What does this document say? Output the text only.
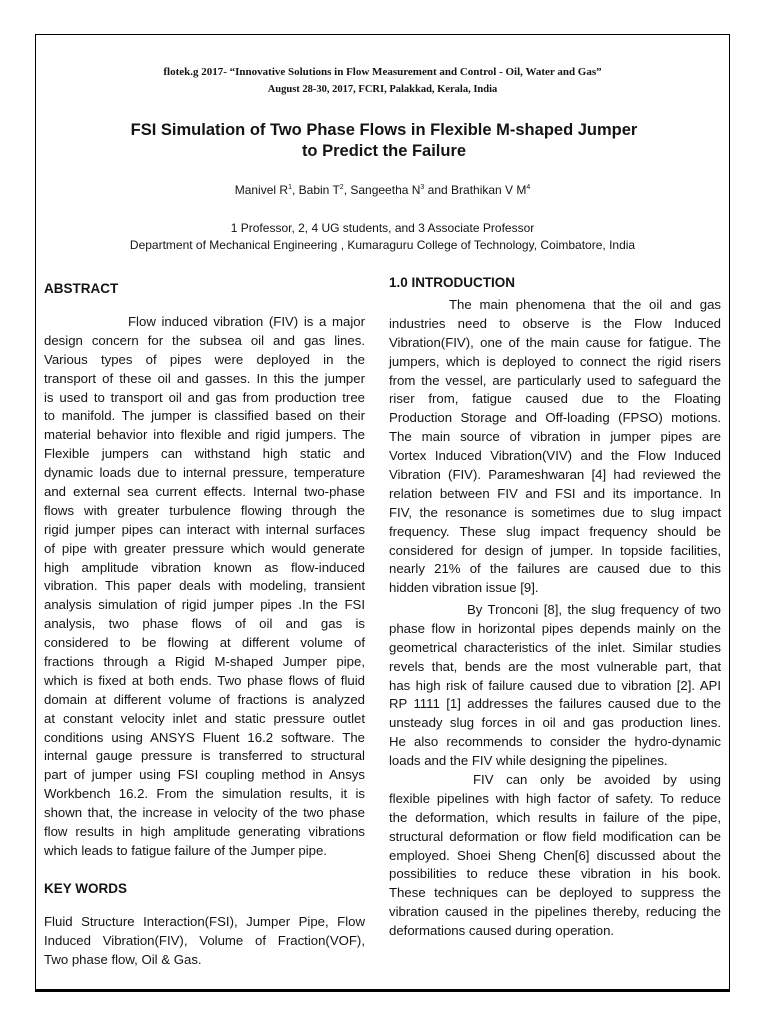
flotek.g 2017- “Innovative Solutions in Flow Measurement and Control - Oil, Water and Gas”
August 28-30, 2017, FCRI, Palakkad, Kerala, India
FSI Simulation of Two Phase Flows in Flexible M-shaped Jumper
to Predict the Failure
Manivel $R^1$, Babin $T^2$, Sangeetha $N^3$ and Brathikan V $M^4$
1 Professor, 2, 4 UG students, and 3 Associate Professor
Department of Mechanical Engineering , Kumaraguru College of Technology, Coimbatore, India
ABSTRACT
Flow induced vibration (FIV) is a major
design concern for the subsea oil and gas lines.
Various types of pipes were deployed in the
transport of these oil and gasses. In this the jumper
is used to transport oil and gas from production tree
to manifold. The jumper is classified based on their
material behavior into flexible and rigid jumpers. The
Flexible jumpers can withstand high static and
dynamic loads due to internal pressure, temperature
and external sea current effects. Internal two-phase
flows with greater turbulence flowing through the
rigid jumper pipes can interact with internal surfaces
of pipe with greater pressure which would generate
high amplitude vibration known as flow-induced
vibration. This paper deals with modeling, transient
analysis simulation of rigid jumper pipes .In the FSI
analysis, two phase flows of oil and gas is
considered to be flowing at different volume of
fractions through a Rigid M-shaped Jumper pipe,
which is fixed at both ends. Two phase flows of fluid
domain at different volume of fractions is analyzed
at constant velocity inlet and static pressure outlet
conditions using ANSYS Fluent 16.2 software. The
internal gauge pressure is transferred to structural
part of jumper using FSI coupling method in Ansys
Workbench 16.2. From the simulation results, it is
shown that, the increase in velocity of the two phase
flow results in high amplitude generating vibrations
which leads to fatigue failure of the Jumper pipe.
KEY WORDS
Fluid Structure Interaction(FSI), Jumper Pipe, Flow
Induced Vibration(FIV), Volume of Fraction(VOF),
Two phase flow, Oil & Gas.
1.0 INTRODUCTION
The main phenomena that the oil and gas
industries need to observe is the Flow Induced
Vibration(FIV), one of the main cause for fatigue. The
jumpers, which is deployed to connect the rigid risers
from the vessel, are particularly used to safeguard the
riser from, fatigue caused due to the Floating
Production Storage and Off-loading (FPSO) motions.
The main source of vibration in jumper pipes are
Vortex Induced Vibration(VIV) and the Flow Induced
Vibration (FIV). Parameshwaran [4] had reviewed the
relation between FIV and FSI and its importance. In
FIV, the resonance is sometimes due to slug impact
frequency. These slug impact frequency should be
considered for design of jumper. In topside facilities,
nearly 21% of the failures are caused due to this
hidden vibration issue [9].
By Tronconi [8], the slug frequency of two
phase flow in horizontal pipes depends mainly on the
geometrical characteristics of the inlet. Similar studies
revels that, bends are the most vulnerable part, that
has high risk of failure caused due to vibration [2]. API
RP 1111 [1] addresses the failures caused due to the
unsteady slug forces in oil and gas production lines.
He also recommends to consider the hydro-dynamic
loads and the FIV while designing the pipelines.
FIV can only be avoided by using
flexible pipelines with high factor of safety. To reduce
the deformation, which results in failure of the pipe,
structural deformation or flow field modification can be
employed. Shoei Sheng Chen[6] discussed about the
possibilities to reduce these vibration in his book.
These techniques can be deployed to suppress the
vibration caused in the pipelines thereby, reducing the
deformations caused during operation.
